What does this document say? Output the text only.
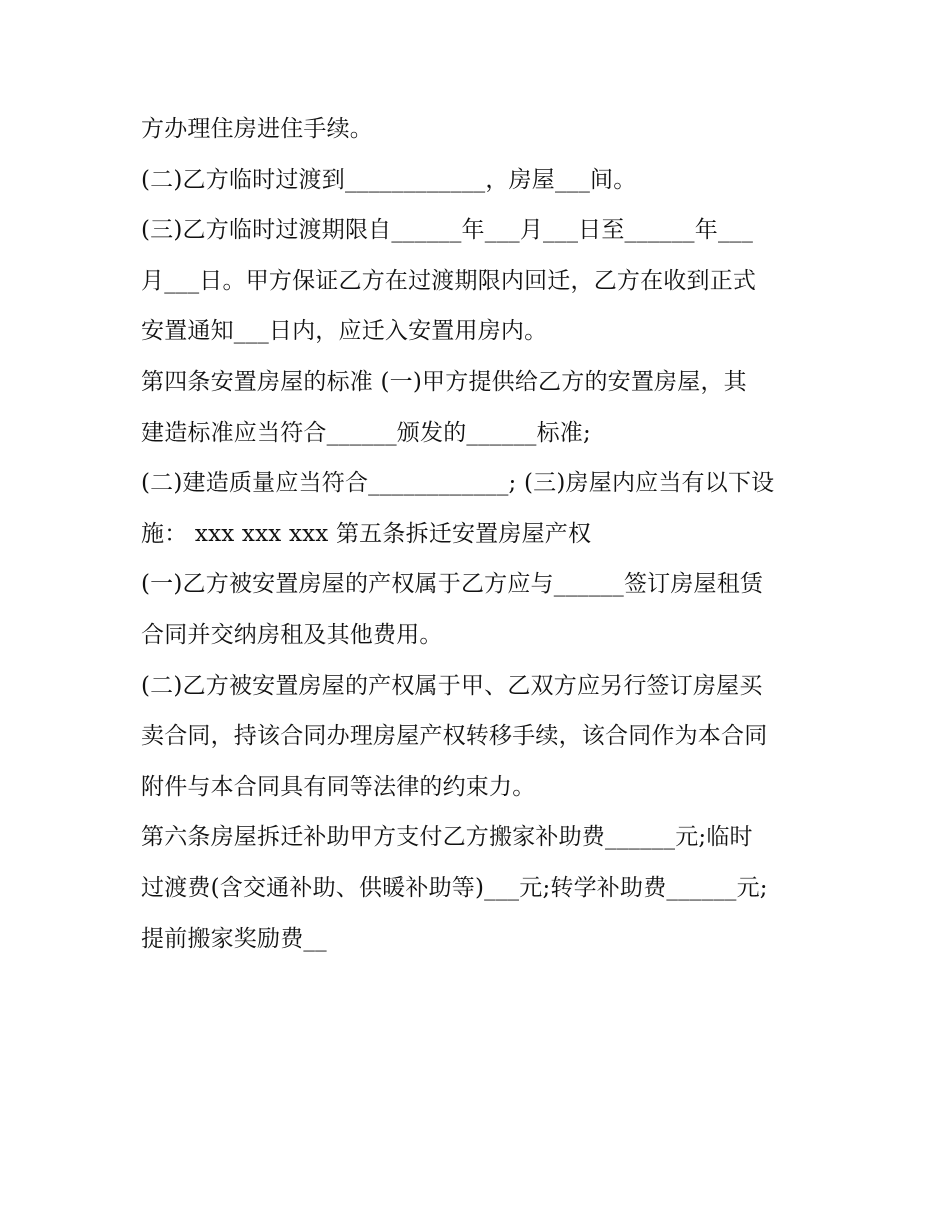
方办理住房进住手续。
(二)乙方临时过渡到____________，房屋___间。
(三)乙方临时过渡期限自______年___月___日至______年___
月___日。甲方保证乙方在过渡期限内回迁，乙方在收到正式
安置通知___日内，应迁入安置用房内。
第四条安置房屋的标准 (一)甲方提供给乙方的安置房屋，其
建造标准应当符合______颁发的______标准;
(二)建造质量应当符合____________; (三)房屋内应当有以下设
施： xxx xxx xxx 第五条拆迁安置房屋产权
(一)乙方被安置房屋的产权属于乙方应与______签订房屋租赁
合同并交纳房租及其他费用。
(二)乙方被安置房屋的产权属于甲、乙双方应另行签订房屋买
卖合同，持该合同办理房屋产权转移手续，该合同作为本合同
附件与本合同具有同等法律的约束力。
第六条房屋拆迁补助甲方支付乙方搬家补助费______元;临时
过渡费(含交通补助、供暖补助等)___元;转学补助费______元;
提前搬家奖励费__
